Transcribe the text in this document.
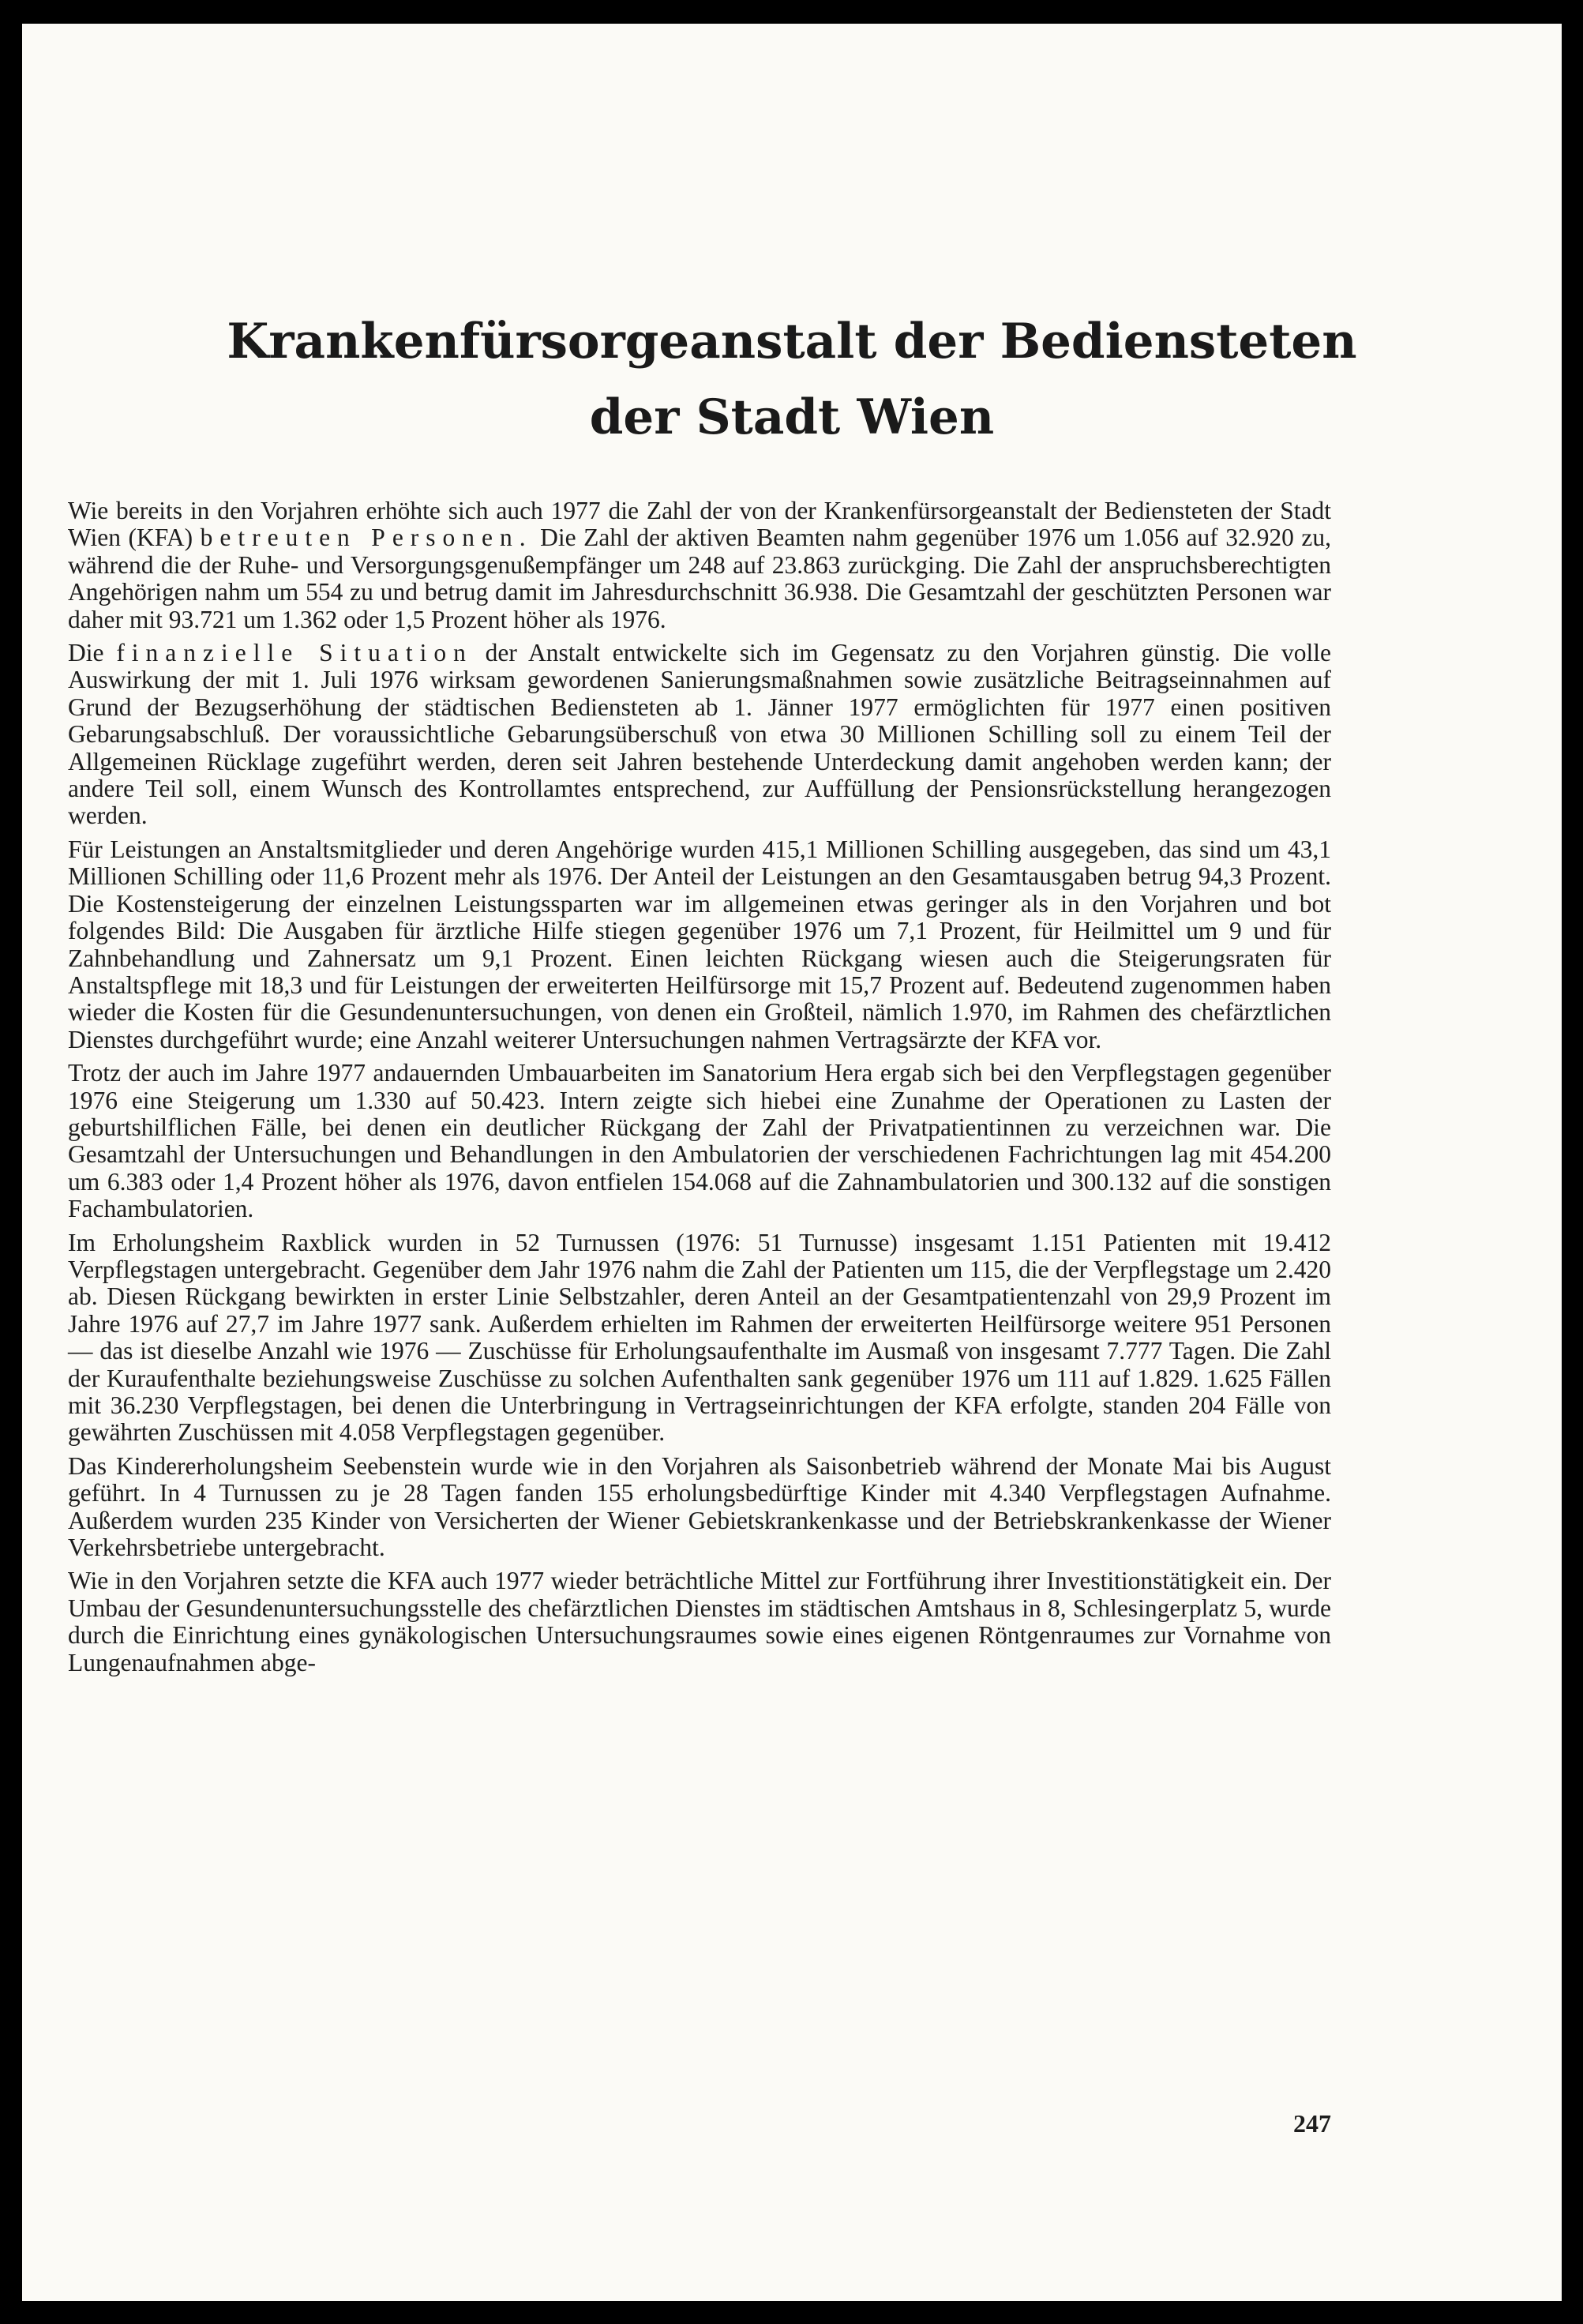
Krankenfürsorgeanstalt der Bediensteten
der Stadt Wien

Wie bereits in den Vorjahren erhöhte sich auch 1977 die Zahl der von der Krankenfürsorgeanstalt der Bediensteten der Stadt Wien (KFA) betreuten Personen. Die Zahl der aktiven Beamten nahm gegenüber 1976 um 1.056 auf 32.920 zu, während die der Ruhe- und Versorgungsgenußempfänger um 248 auf 23.863 zurückging. Die Zahl der anspruchsberechtigten Angehörigen nahm um 554 zu und betrug damit im Jahresdurchschnitt 36.938. Die Gesamtzahl der geschützten Personen war daher mit 93.721 um 1.362 oder 1,5 Prozent höher als 1976.

Die finanzielle Situation der Anstalt entwickelte sich im Gegensatz zu den Vorjahren günstig. Die volle Auswirkung der mit 1. Juli 1976 wirksam gewordenen Sanierungsmaßnahmen sowie zusätzliche Beitragseinnahmen auf Grund der Bezugserhöhung der städtischen Bediensteten ab 1. Jänner 1977 ermöglichten für 1977 einen positiven Gebarungsabschluß. Der voraussichtliche Gebarungsüberschuß von etwa 30 Millionen Schilling soll zu einem Teil der Allgemeinen Rücklage zugeführt werden, deren seit Jahren bestehende Unterdeckung damit angehoben werden kann; der andere Teil soll, einem Wunsch des Kontrollamtes entsprechend, zur Auffüllung der Pensionsrückstellung herangezogen werden.

Für Leistungen an Anstaltsmitglieder und deren Angehörige wurden 415,1 Millionen Schilling ausgegeben, das sind um 43,1 Millionen Schilling oder 11,6 Prozent mehr als 1976. Der Anteil der Leistungen an den Gesamtausgaben betrug 94,3 Prozent. Die Kostensteigerung der einzelnen Leistungssparten war im allgemeinen etwas geringer als in den Vorjahren und bot folgendes Bild: Die Ausgaben für ärztliche Hilfe stiegen gegenüber 1976 um 7,1 Prozent, für Heilmittel um 9 und für Zahnbehandlung und Zahnersatz um 9,1 Prozent. Einen leichten Rückgang wiesen auch die Steigerungsraten für Anstaltspflege mit 18,3 und für Leistungen der erweiterten Heilfürsorge mit 15,7 Prozent auf. Bedeutend zugenommen haben wieder die Kosten für die Gesundenuntersuchungen, von denen ein Großteil, nämlich 1.970, im Rahmen des chefärztlichen Dienstes durchgeführt wurde; eine Anzahl weiterer Untersuchungen nahmen Vertragsärzte der KFA vor.

Trotz der auch im Jahre 1977 andauernden Umbauarbeiten im Sanatorium Hera ergab sich bei den Verpflegstagen gegenüber 1976 eine Steigerung um 1.330 auf 50.423. Intern zeigte sich hiebei eine Zunahme der Operationen zu Lasten der geburtshilflichen Fälle, bei denen ein deutlicher Rückgang der Zahl der Privatpatientinnen zu verzeichnen war. Die Gesamtzahl der Untersuchungen und Behandlungen in den Ambulatorien der verschiedenen Fachrichtungen lag mit 454.200 um 6.383 oder 1,4 Prozent höher als 1976, davon entfielen 154.068 auf die Zahnambulatorien und 300.132 auf die sonstigen Fachambulatorien.

Im Erholungsheim Raxblick wurden in 52 Turnussen (1976: 51 Turnusse) insgesamt 1.151 Patienten mit 19.412 Verpflegstagen untergebracht. Gegenüber dem Jahr 1976 nahm die Zahl der Patienten um 115, die der Verpflegstage um 2.420 ab. Diesen Rückgang bewirkten in erster Linie Selbstzahler, deren Anteil an der Gesamtpatientenzahl von 29,9 Prozent im Jahre 1976 auf 27,7 im Jahre 1977 sank. Außerdem erhielten im Rahmen der erweiterten Heilfürsorge weitere 951 Personen — das ist dieselbe Anzahl wie 1976 — Zuschüsse für Erholungsaufenthalte im Ausmaß von insgesamt 7.777 Tagen. Die Zahl der Kuraufenthalte beziehungsweise Zuschüsse zu solchen Aufenthalten sank gegenüber 1976 um 111 auf 1.829. 1.625 Fällen mit 36.230 Verpflegstagen, bei denen die Unterbringung in Vertragseinrichtungen der KFA erfolgte, standen 204 Fälle von gewährten Zuschüssen mit 4.058 Verpflegstagen gegenüber.

Das Kindererholungsheim Seebenstein wurde wie in den Vorjahren als Saisonbetrieb während der Monate Mai bis August geführt. In 4 Turnussen zu je 28 Tagen fanden 155 erholungsbedürftige Kinder mit 4.340 Verpflegstagen Aufnahme. Außerdem wurden 235 Kinder von Versicherten der Wiener Gebietskrankenkasse und der Betriebskrankenkasse der Wiener Verkehrsbetriebe untergebracht.

Wie in den Vorjahren setzte die KFA auch 1977 wieder beträchtliche Mittel zur Fortführung ihrer Investitionstätigkeit ein. Der Umbau der Gesundenuntersuchungsstelle des chefärztlichen Dienstes im städtischen Amtshaus in 8, Schlesingerplatz 5, wurde durch die Einrichtung eines gynäkologischen Untersuchungsraumes sowie eines eigenen Röntgenraumes zur Vornahme von Lungenaufnahmen abge-

247
